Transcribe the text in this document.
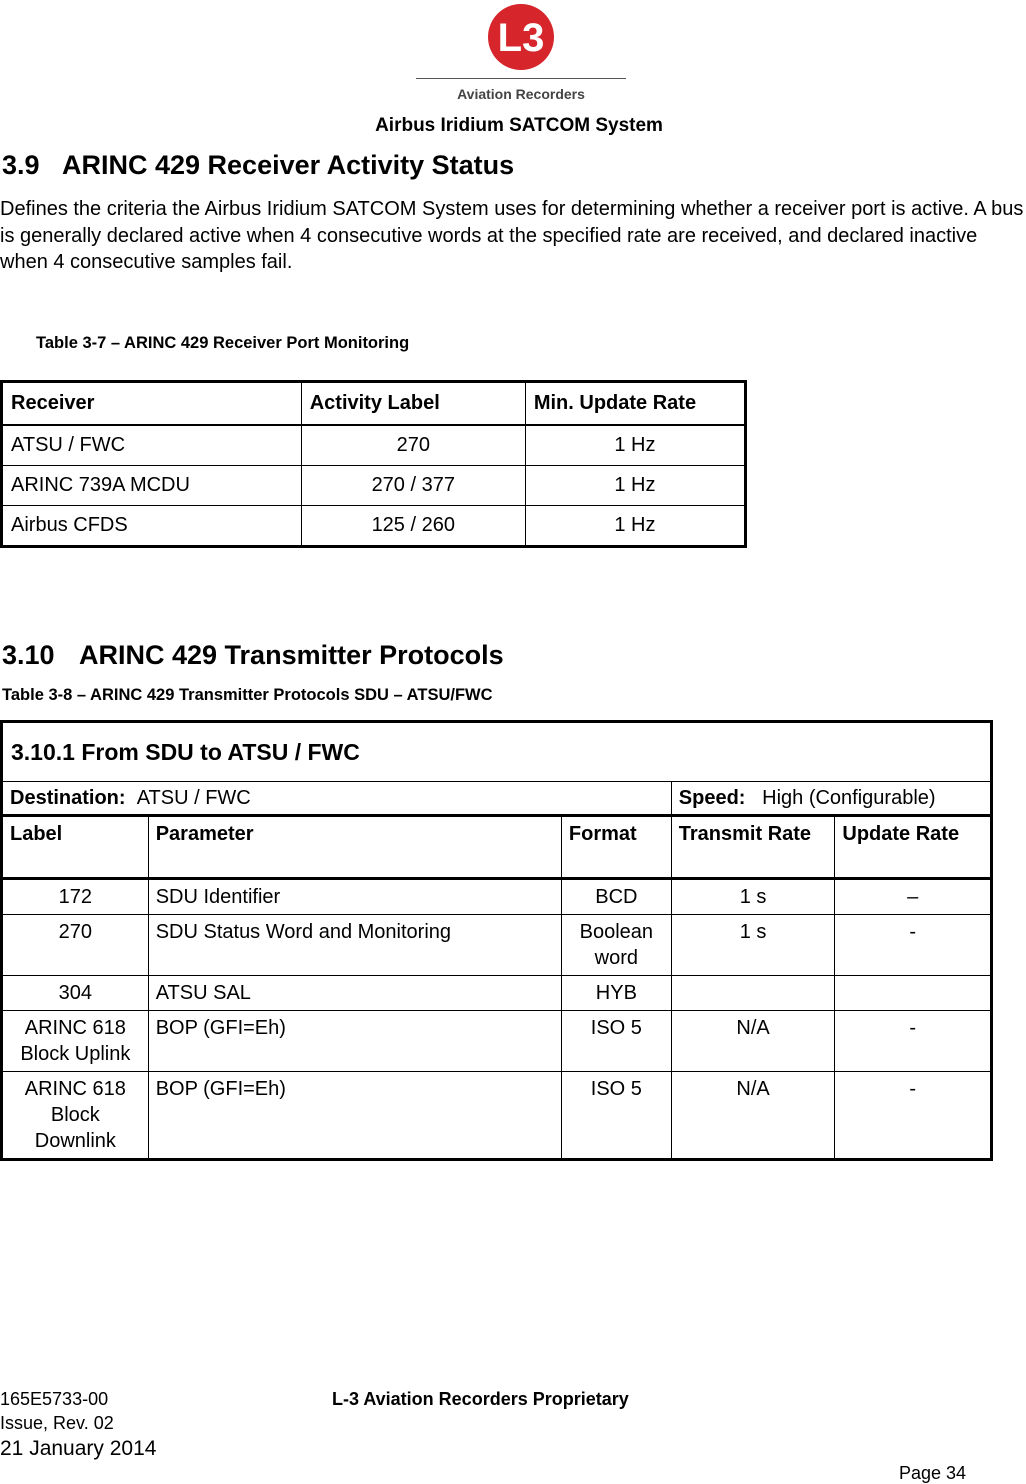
L3
Aviation Recorders
Airbus Iridium SATCOM System
3.9 ARINC 429 Receiver Activity Status
Defines the criteria the Airbus Iridium SATCOM System uses for determining whether a receiver port is active. A bus is generally declared active when 4 consecutive words at the specified rate are received, and declared inactive when 4 consecutive samples fail.
Table 3-7 – ARINC 429 Receiver Port Monitoring
Receiver	Activity Label	Min. Update Rate
ATSU / FWC	270	1 Hz
ARINC 739A MCDU	270 / 377	1 Hz
Airbus CFDS	125 / 260	1 Hz
3.10 ARINC 429 Transmitter Protocols
Table 3-8 – ARINC 429 Transmitter Protocols SDU – ATSU/FWC
3.10.1 From SDU to ATSU / FWC				
Destination: ATSU / FWC			Speed: High (Configurable)	
Label	Parameter	Format	Transmit Rate	Update Rate
172	SDU Identifier	BCD	1 s	–
270	SDU Status Word and Monitoring	Boolean word	1 s	-
304	ATSU SAL	HYB		
ARINC 618 Block Uplink	BOP (GFI=Eh)	ISO 5	N/A	-
ARINC 618 Block Downlink	BOP (GFI=Eh)	ISO 5	N/A	-
165E5733-00
Issue, Rev. 02
21 January 2014
L-3 Aviation Recorders Proprietary
Page 34
